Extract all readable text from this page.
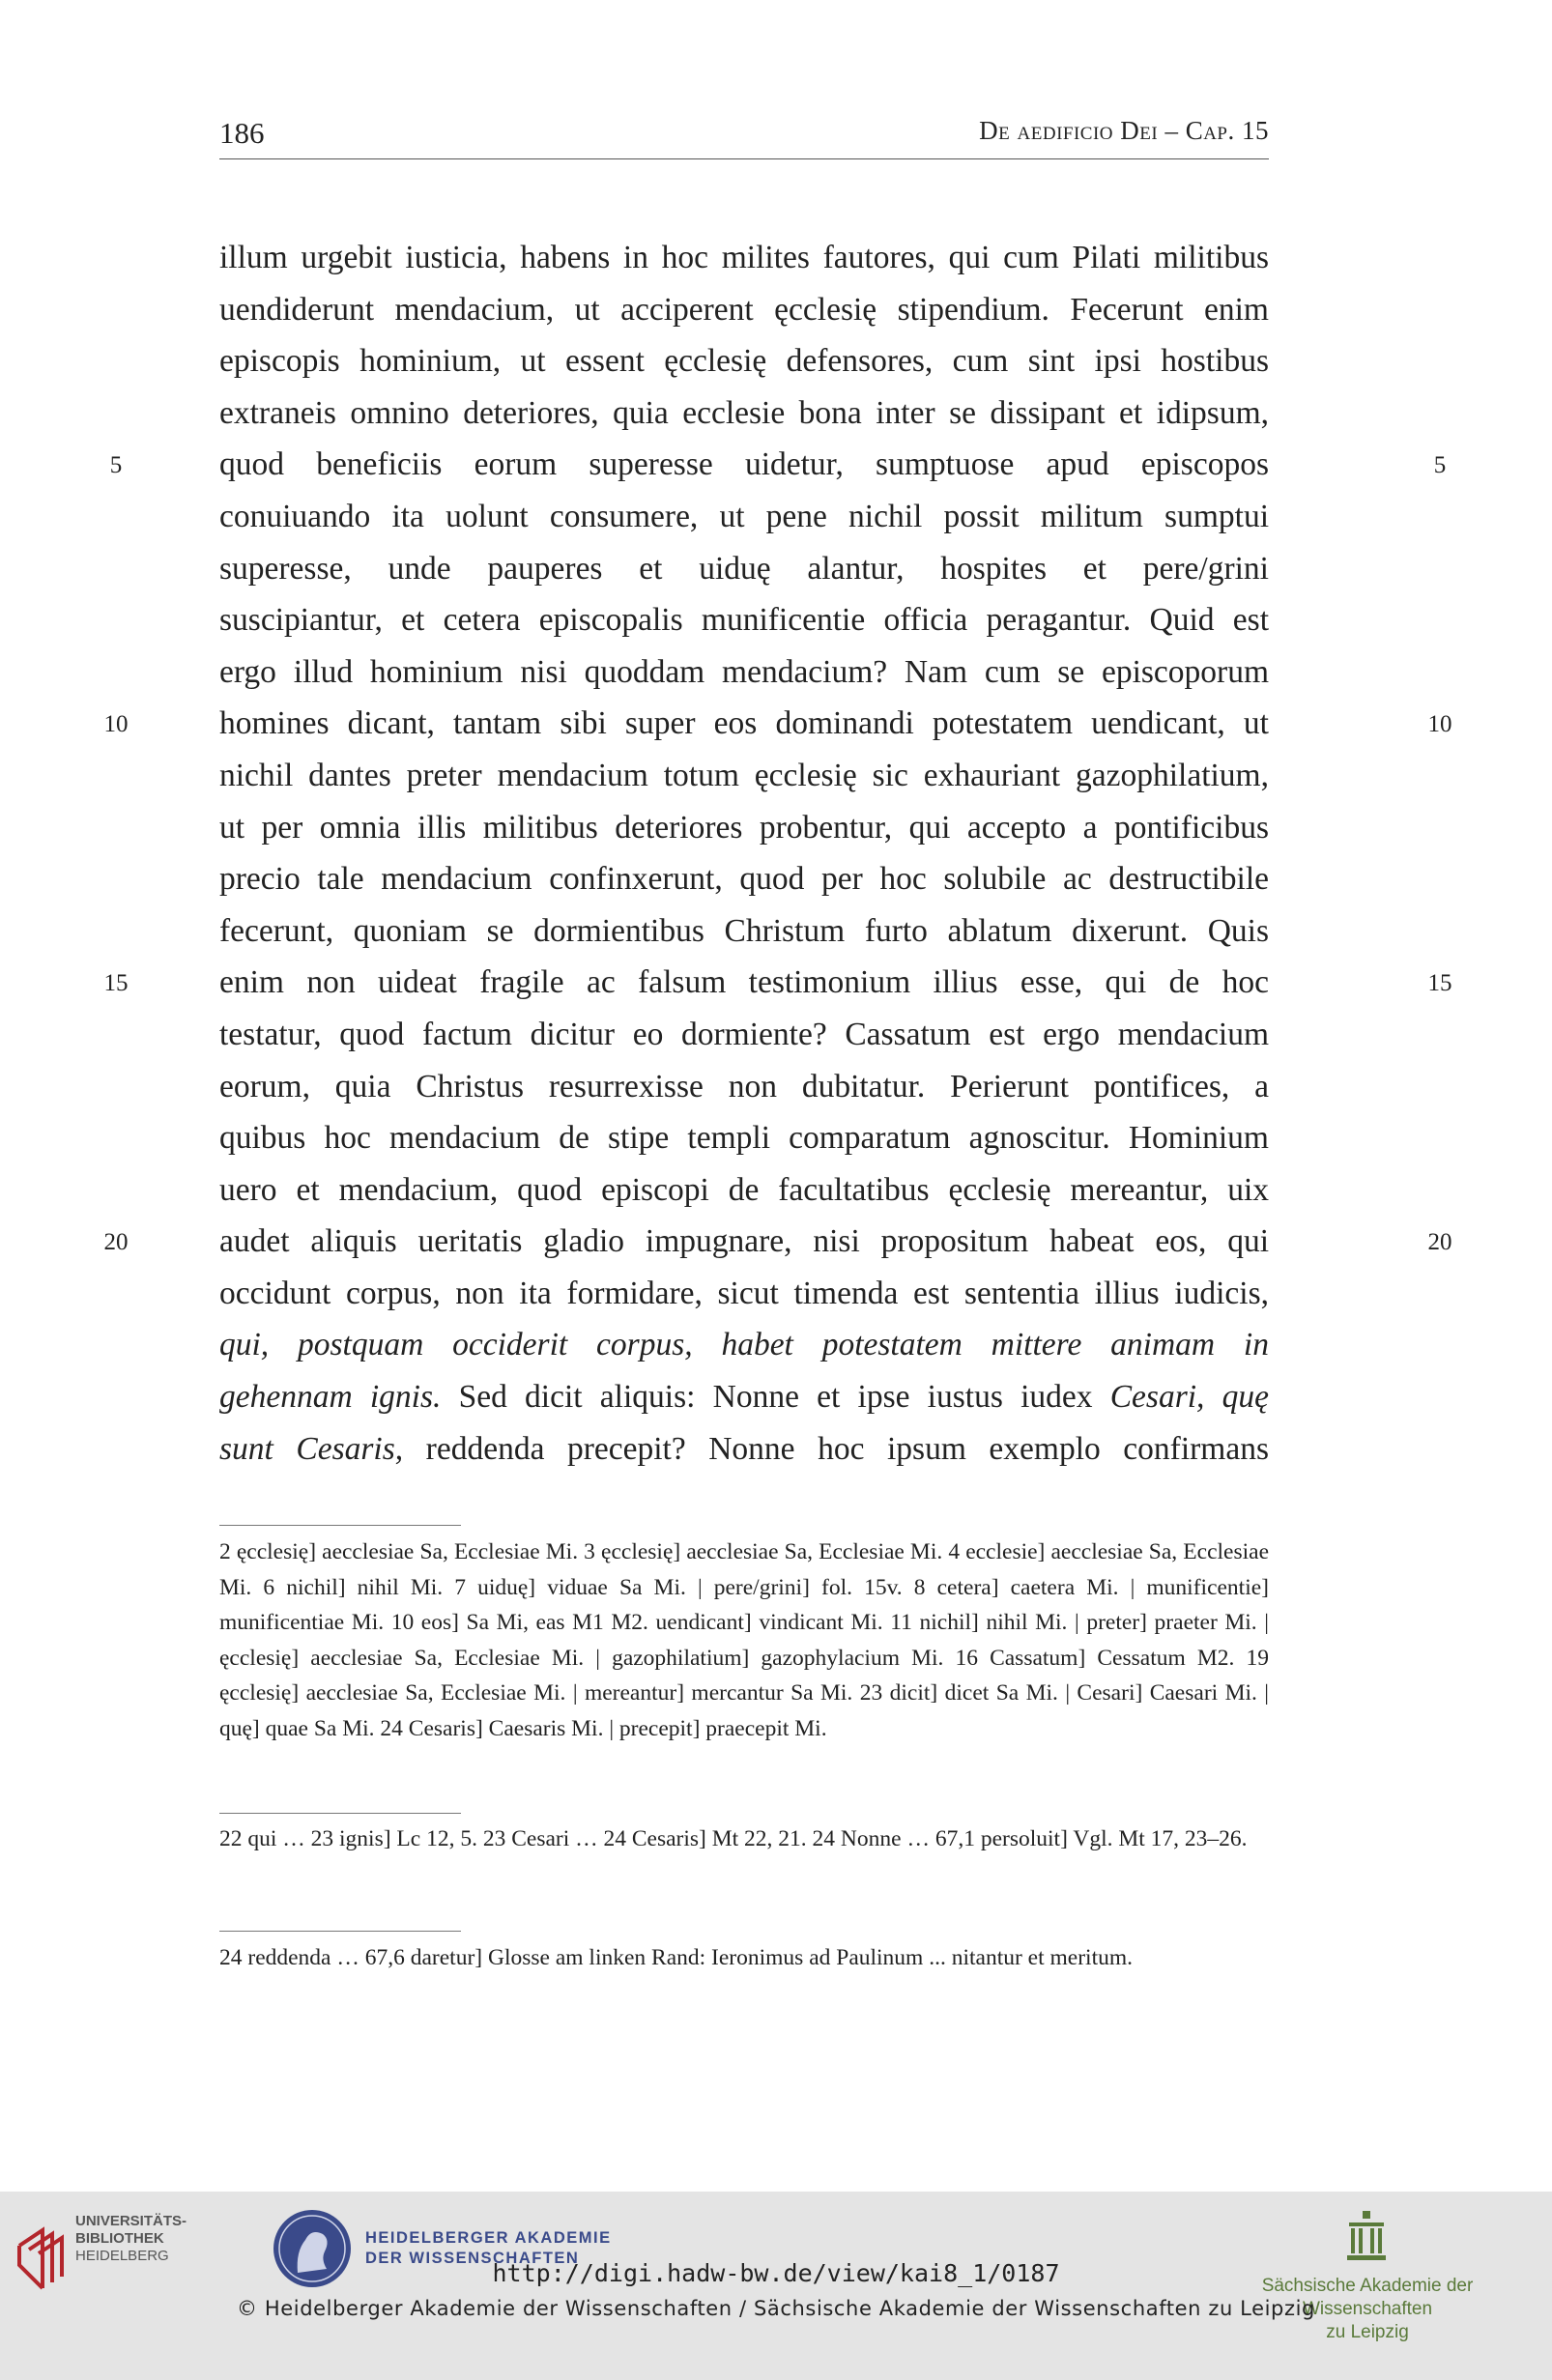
186	De aedificio Dei – Cap. 15
illum urgebit iusticia, habens in hoc milites fautores, qui cum Pilati militibus
uendiderunt mendacium, ut acciperent ęcclesię stipendium. Fecerunt enim
episcopis hominium, ut essent ęcclesię defensores, cum sint ipsi hostibus
extraneis omnino deteriores, quia ecclesie bona inter se dissipant et idipsum,
quod beneficiis eorum superesse uidetur, sumptuose apud episcopos
conuiuando ita uolunt consumere, ut pene nichil possit militum sumptui
superesse, unde pauperes et uiduę alantur, hospites et pere/grini
suscipiantur, et cetera episcopalis munificentie officia peragantur. Quid est
ergo illud hominium nisi quoddam mendacium? Nam cum se episcoporum
homines dicant, tantam sibi super eos dominandi potestatem uendicant, ut
nichil dantes preter mendacium totum ęcclesię sic exhauriant gazophilatium,
ut per omnia illis militibus deteriores probentur, qui accepto a pontificibus
precio tale mendacium confinxerunt, quod per hoc solubile ac destructibile
fecerunt, quoniam se dormientibus Christum furto ablatum dixerunt. Quis
enim non uideat fragile ac falsum testimonium illius esse, qui de hoc
testatur, quod factum dicitur eo dormiente? Cassatum est ergo mendacium
eorum, quia Christus resurrexisse non dubitatur. Perierunt pontifices, a
quibus hoc mendacium de stipe templi comparatum agnoscitur. Hominium
uero et mendacium, quod episcopi de facultatibus ęcclesię mereantur, uix
audet aliquis ueritatis gladio impugnare, nisi propositum habeat eos, qui
occidunt corpus, non ita formidare, sicut timenda est sententia illius iudicis,
qui, postquam occiderit corpus, habet potestatem mittere animam in
gehennam ignis. Sed dicit aliquis: Nonne et ipse iustus iudex Cesari, quę
sunt Cesaris, reddenda precepit? Nonne hoc ipsum exemplo confirmans
5
10
15
20
5
10
15
20

2 ęcclesię] aecclesiae Sa, Ecclesiae Mi. 3 ęcclesię] aecclesiae Sa, Ecclesiae Mi. 4 ecclesie] aecclesiae Sa, Ecclesiae Mi. 6 nichil] nihil Mi. 7 uiduę] viduae Sa Mi. | pere/grini] fol. 15v. 8 cetera] caetera Mi. | munificentie] munificentiae Mi. 10 eos] Sa Mi, eas M1 M2. uendicant] vindicant Mi. 11 nichil] nihil Mi. | preter] praeter Mi. | ęcclesię] aecclesiae Sa, Ecclesiae Mi. | gazophilatium] gazophylacium Mi. 16 Cassatum] Cessatum M2. 19 ęcclesię] aecclesiae Sa, Ecclesiae Mi. | mereantur] mercantur Sa Mi. 23 dicit] dicet Sa Mi. | Cesari] Caesari Mi. | quę] quae Sa Mi. 24 Cesaris] Caesaris Mi. | precepit] praecepit Mi.

22 qui … 23 ignis] Lc 12, 5. 23 Cesari … 24 Cesaris] Mt 22, 21. 24 Nonne … 67,1 persoluit] Vgl. Mt 17, 23–26.

24 reddenda … 67,6 daretur] Glosse am linken Rand: Ieronimus ad Paulinum ... nitantur et meritum.

UNIVERSITÄTS-
BIBLIOTHEK
HEIDELBERG
HEIDELBERGER AKADEMIE
DER WISSENSCHAFTEN
Sächsische Akademie der Wissenschaften
zu Leipzig
http://digi.hadw-bw.de/view/kai8_1/0187
© Heidelberger Akademie der Wissenschaften / Sächsische Akademie der Wissenschaften zu Leipzig
